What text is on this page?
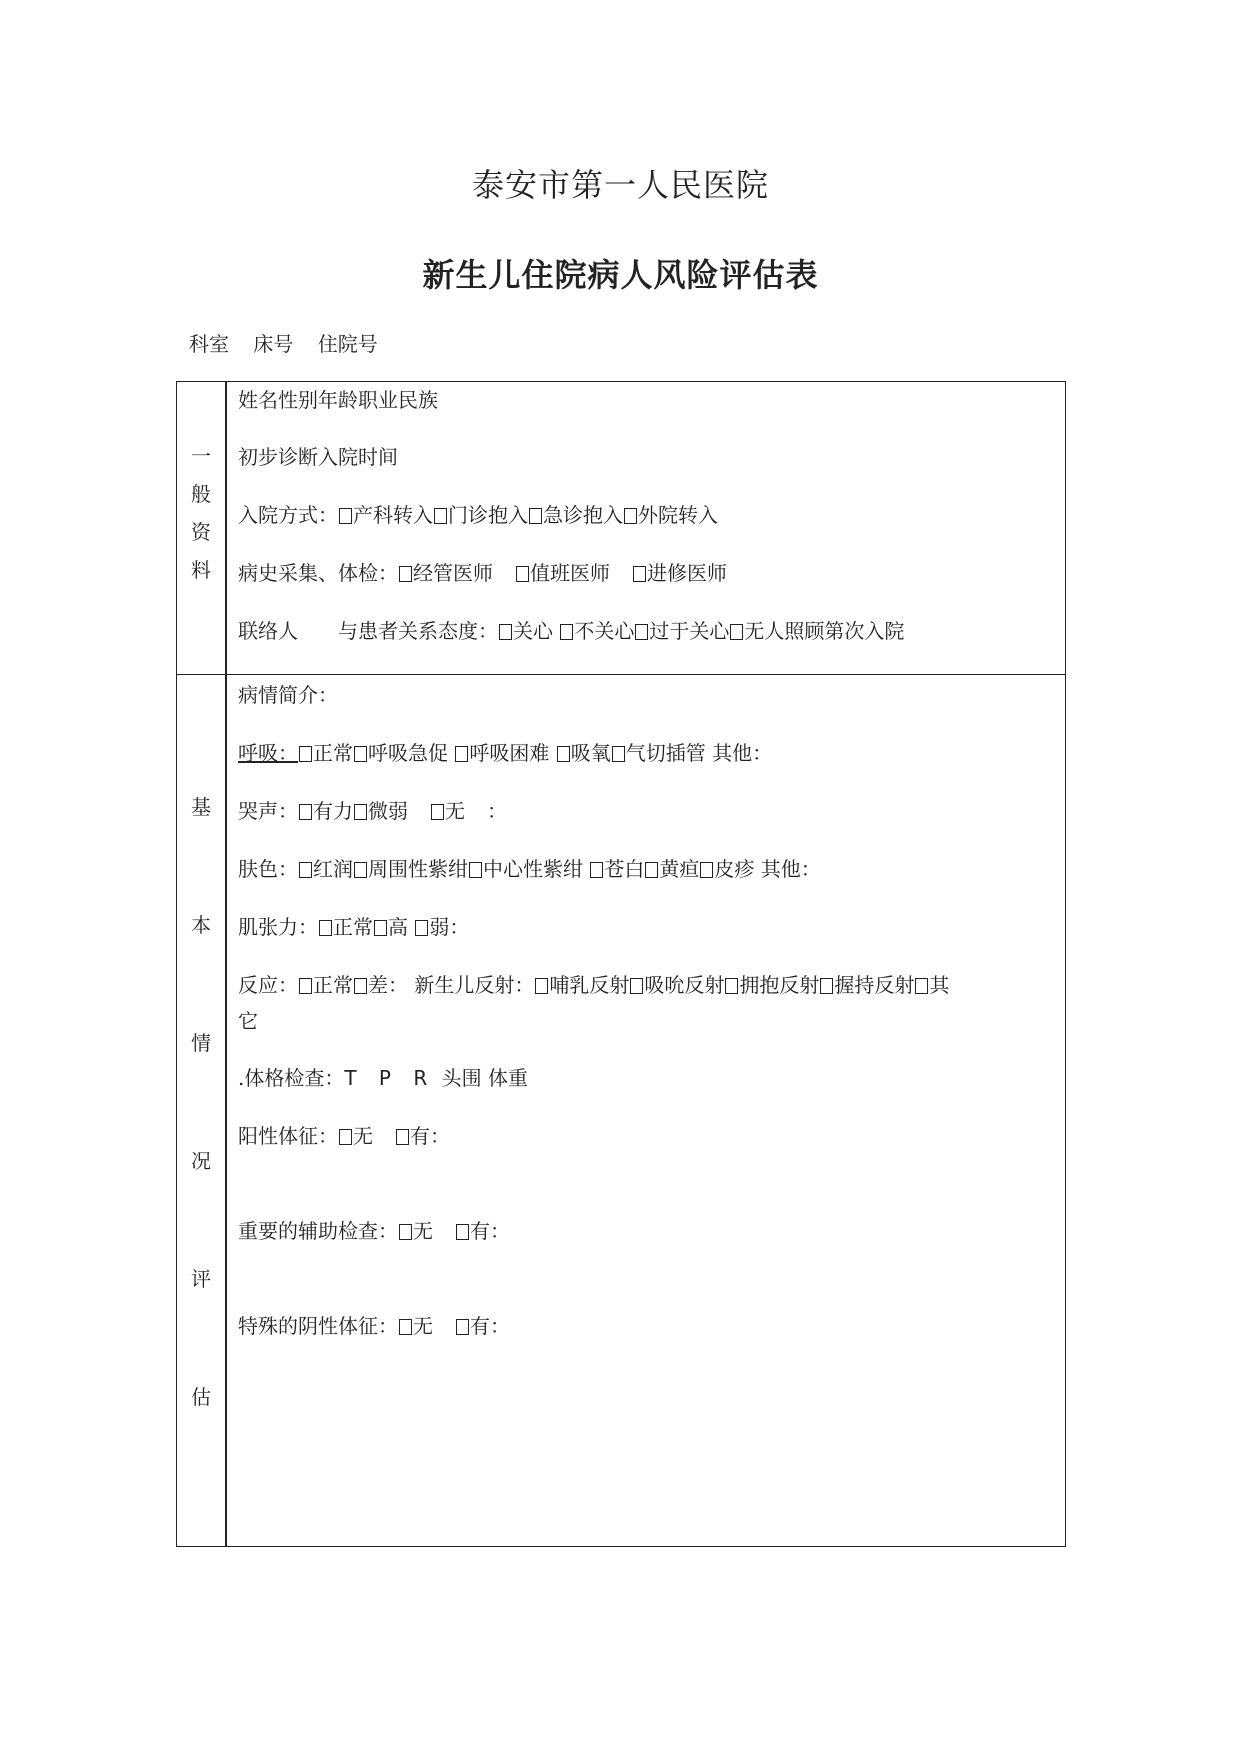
泰安市第一人民医院
新生儿住院病人风险评估表
科室 床号 住院号
一
般
资
料
基
本
情
况
评
估
姓名性别年龄职业民族
初步诊断入院时间
入院方式： 产科转入 门诊抱入 急诊抱入 外院转入
病史采集、体检： 经管医师 值班医师 进修医师
联络人 与患者关系态度： 关心 不关心 过于关心 无人照顾第次入院
病情简介：
呼吸： 正常 呼吸急促 呼吸困难 吸氧 气切插管 其他：
哭声： 有力 微弱 无 ：
肤色： 红润 周围性紫绀 中心性紫绀 苍白 黄疸 皮疹 其他：
肌张力： 正常 高 弱：
反应： 正常 差： 新生儿反射： 哺乳反射 吸吮反射 拥抱反射 握持反射 其
它
.体格检查：T P R 头围 体重
阳性体征： 无 有：
重要的辅助检查： 无 有：
特殊的阴性体征： 无 有：
